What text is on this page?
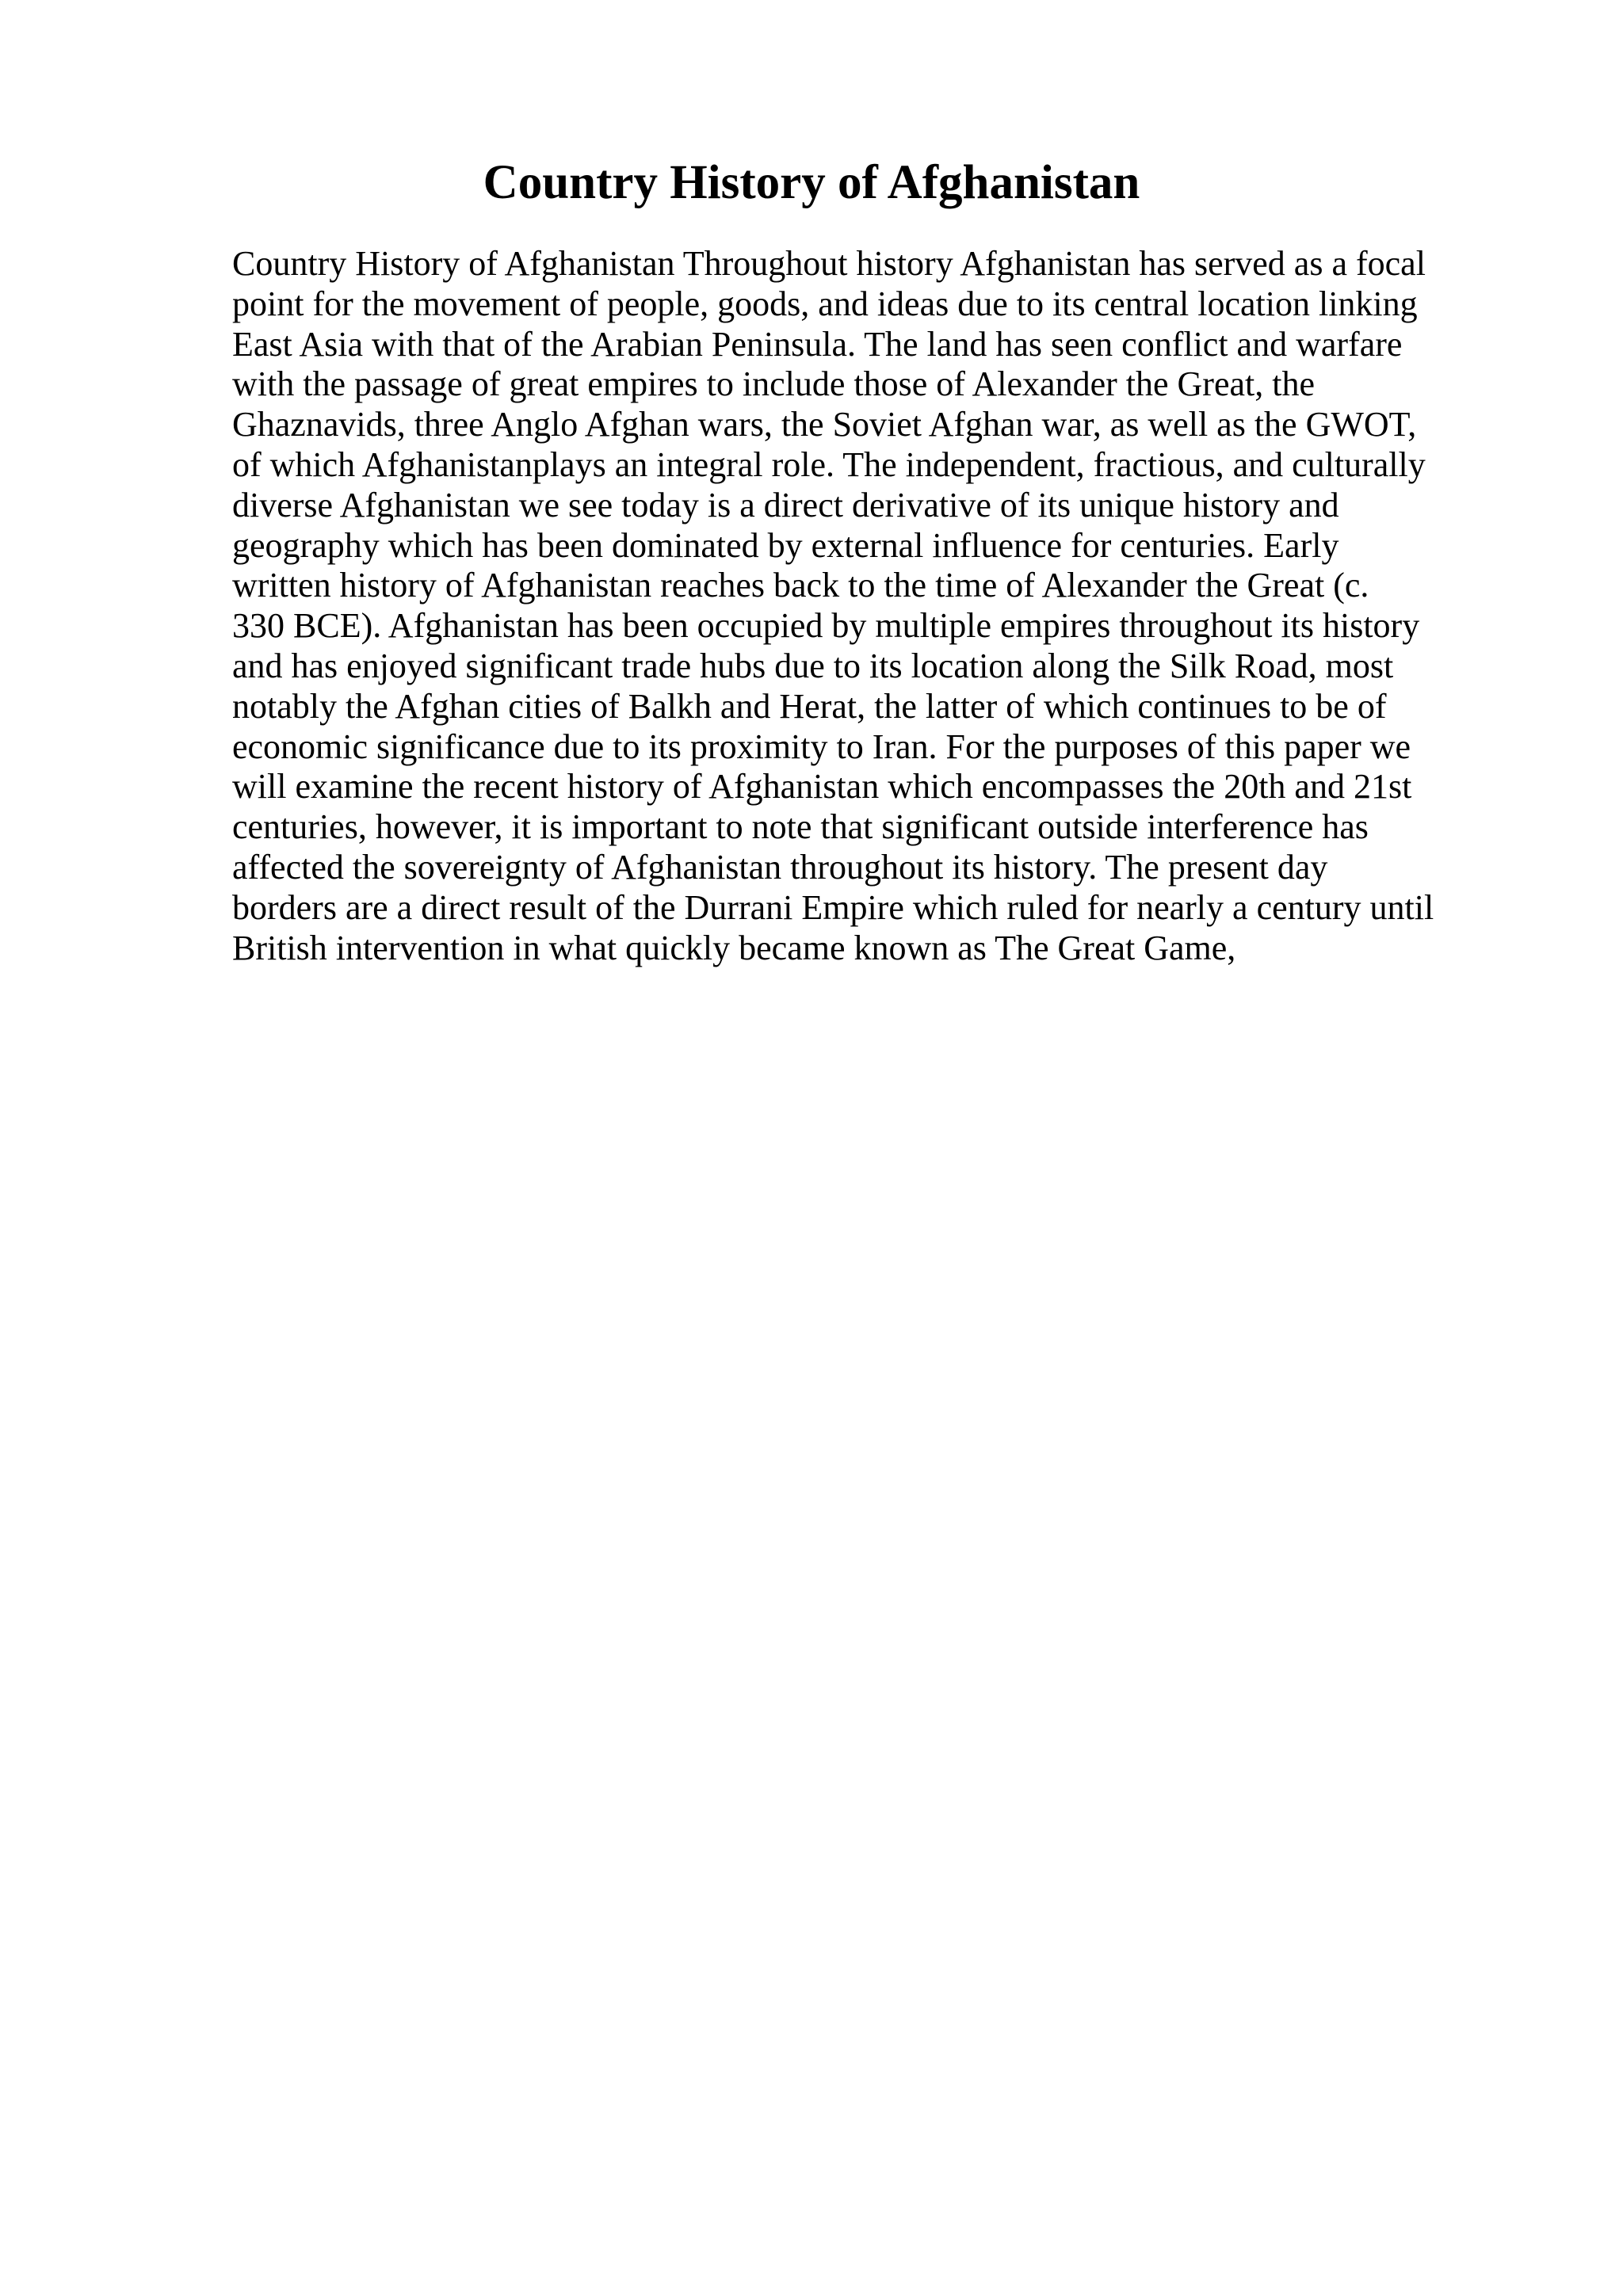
Country History of Afghanistan
Country History of Afghanistan Throughout history Afghanistan has served as a focal
point for the movement of people, goods, and ideas due to its central location linking
East Asia with that of the Arabian Peninsula. The land has seen conflict and warfare
with the passage of great empires to include those of Alexander the Great, the
Ghaznavids, three Anglo Afghan wars, the Soviet Afghan war, as well as the GWOT,
of which Afghanistanplays an integral role. The independent, fractious, and culturally
diverse Afghanistan we see today is a direct derivative of its unique history and
geography which has been dominated by external influence for centuries. Early
written history of Afghanistan reaches back to the time of Alexander the Great (c.
330 BCE). Afghanistan has been occupied by multiple empires throughout its history
and has enjoyed significant trade hubs due to its location along the Silk Road, most
notably the Afghan cities of Balkh and Herat, the latter of which continues to be of
economic significance due to its proximity to Iran. For the purposes of this paper we
will examine the recent history of Afghanistan which encompasses the 20th and 21st
centuries, however, it is important to note that significant outside interference has
affected the sovereignty of Afghanistan throughout its history. The present day
borders are a direct result of the Durrani Empire which ruled for nearly a century until
British intervention in what quickly became known as The Great Game,
